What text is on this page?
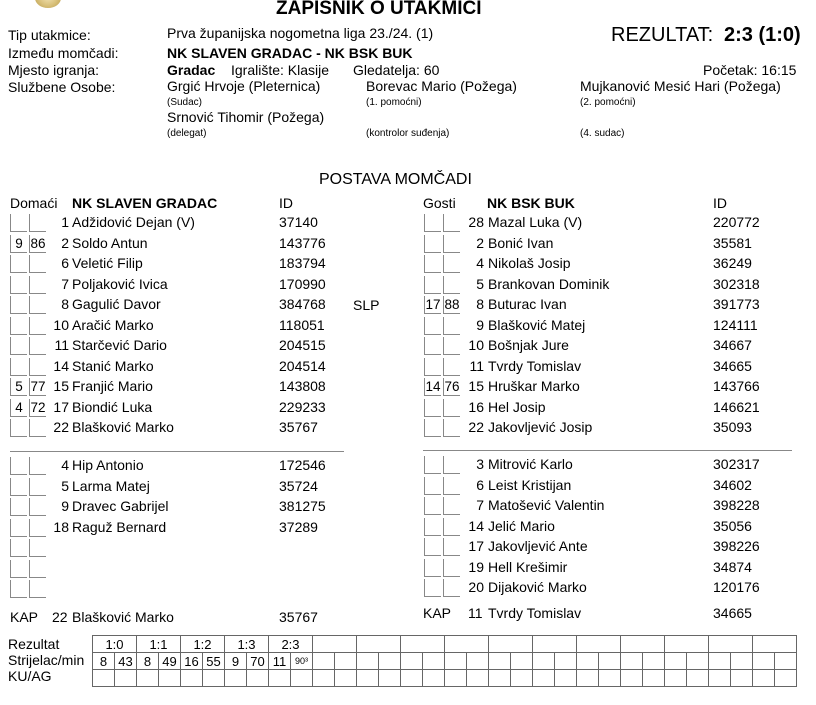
ZAPISNIK O UTAKMICI
Tip utakmice:	Prva županijska nogometna liga 23./24. (1)	REZULTAT: 2:3 (1:0)
Između momčadi:	NK SLAVEN GRADAC - NK BSK BUK
Mjesto igranja:	Gradac Igralište: Klasije Gledatelja: 60	Početak: 16:15
Službene Osobe:	Grgić Hrvoje (Pleternica)
(Sudac)
Borevac Mario (Požega)
(1. pomoćni)
Mujkanović Mesić Hari (Požega)
(2. pomoćni)
Srnović Tihomir (Požega)
(delegat)	(kontrolor suđenja)	(4. sudac)
POSTAVA MOMČADI
Domaći NK SLAVEN GRADAC	ID	Gosti NK BSK BUK	ID
SLP
1 Adžidović Dejan (V)	37140
9 86	2 Soldo Antun	143776
6 Veletić Filip	183794
7 Poljaković Ivica	170990
8 Gagulić Davor	384768
10 Aračić Marko	118051
11 Starčević Dario	204515
14 Stanić Marko	204514
5 77 15 Franjić Mario	143808
4 72 17 Biondić Luka	229233
22 Blašković Marko	35767
28 Mazal Luka (V)	220772
2 Bonić Ivan	35581
4 Nikolaš Josip	36249
5 Brankovan Dominik	302318
17 88	8 Buturac Ivan	391773
9 Blašković Matej	124111
10 Bošnjak Jure	34667
11 Tvrdy Tomislav	34665
14 76 15 Hruškar Marko	143766
16 Hel Josip	146621
22 Jakovljević Josip	35093
4 Hip Antonio	172546
5 Larma Matej	35724
9 Dravec Gabrijel	381275
18 Raguž Bernard	37289
3 Mitrović Karlo	302317
6 Leist Kristijan	34602
7 Matošević Valentin	398228
14 Jelić Mario	35056
17 Jakovljević Ante	398226
19 Hell Krešimir	34874
20 Dijaković Marko	120176
KAP 22 Blašković Marko	35767	KAP 11 Tvrdy Tomislav	34665
Rezultat
Strijelac/min
KU/AG
1:0		1:1		1:2		1:3		2:3																							
8	43	8	49	16	55	9	70	11	90³																						
